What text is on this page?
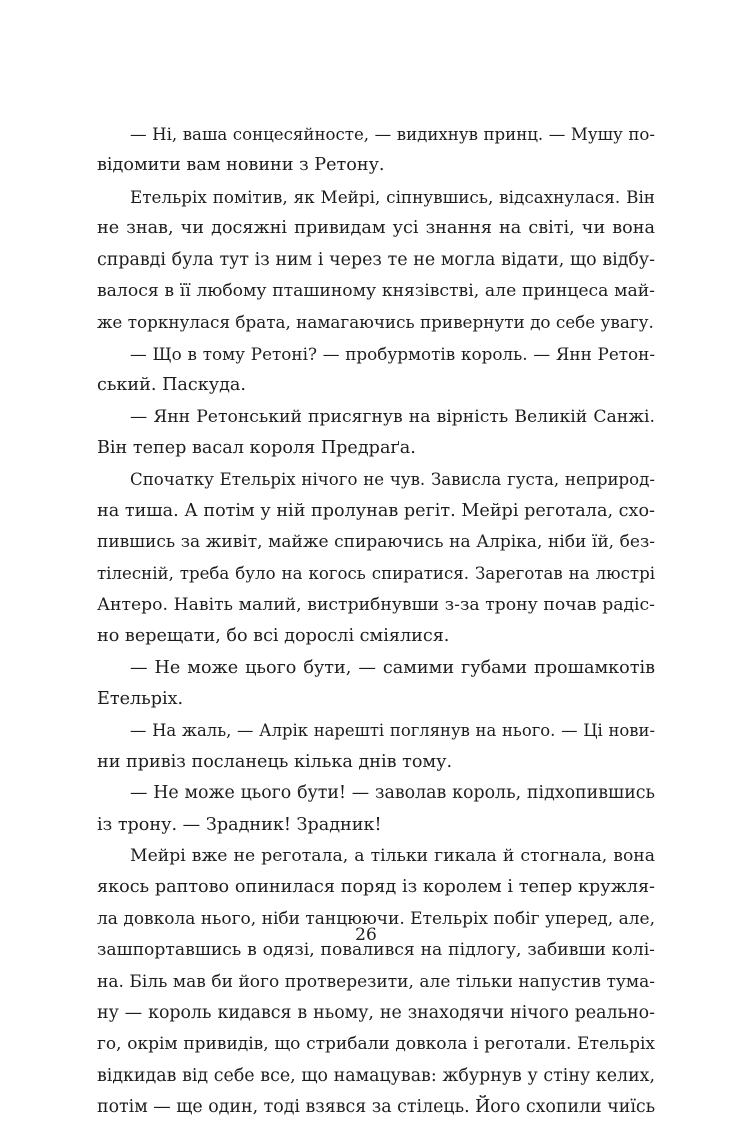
— Ні, ваша сонцесяйносте, — видихнув принц. — Мушу по-
відомити вам новини з Ретону.
Етельріх помітив, як Мейрі, сіпнувшись, відсахнулася. Він
не знав, чи досяжні привидам усі знання на світі, чи вона
справді була тут із ним і через те не могла відати, що відбу-
валося в її любому пташиному князівстві, але принцеса май-
же торкнулася брата, намагаючись привернути до себе увагу.
— Що в тому Ретоні? — пробурмотів король. — Янн Ретон-
ський. Паскуда.
— Янн Ретонський присягнув на вірність Великій Санжі.
Він тепер васал короля Предраґа.
Спочатку Етельріх нічого не чув. Зависла густа, неприрод-
на тиша. А потім у ній пролунав регіт. Мейрі реготала, схо-
пившись за живіт, майже спираючись на Алріка, ніби їй, без-
тілесній, треба було на когось спиратися. Зареготав на люстрі
Антеро. Навіть малий, вистрибнувши з-за трону почав радіс-
но верещати, бо всі дорослі сміялися.
— Не може цього бути, — самими губами прошамкотів
Етельріх.
— На жаль, — Алрік нарешті поглянув на нього. — Ці нови-
ни привіз посланець кілька днів тому.
— Не може цього бути! — заволав король, підхопившись
із трону. — Зрадник! Зрадник!
Мейрі вже не реготала, а тільки гикала й стогнала, вона
якось раптово опинилася поряд із королем і тепер кружля-
ла довкола нього, ніби танцюючи. Етельріх побіг уперед, але,
зашпортавшись в одязі, повалився на підлогу, забивши колі-
на. Біль мав би його протверезити, але тільки напустив тума-
ну — король кидався в ньому, не знаходячи нічого реально-
го, окрім привидів, що стрибали довкола і реготали. Етельріх
відкидав від себе все, що намацував: жбурнув у стіну келих,
потім — ще один, тоді взявся за стілець. Його схопили чиїсь
26
